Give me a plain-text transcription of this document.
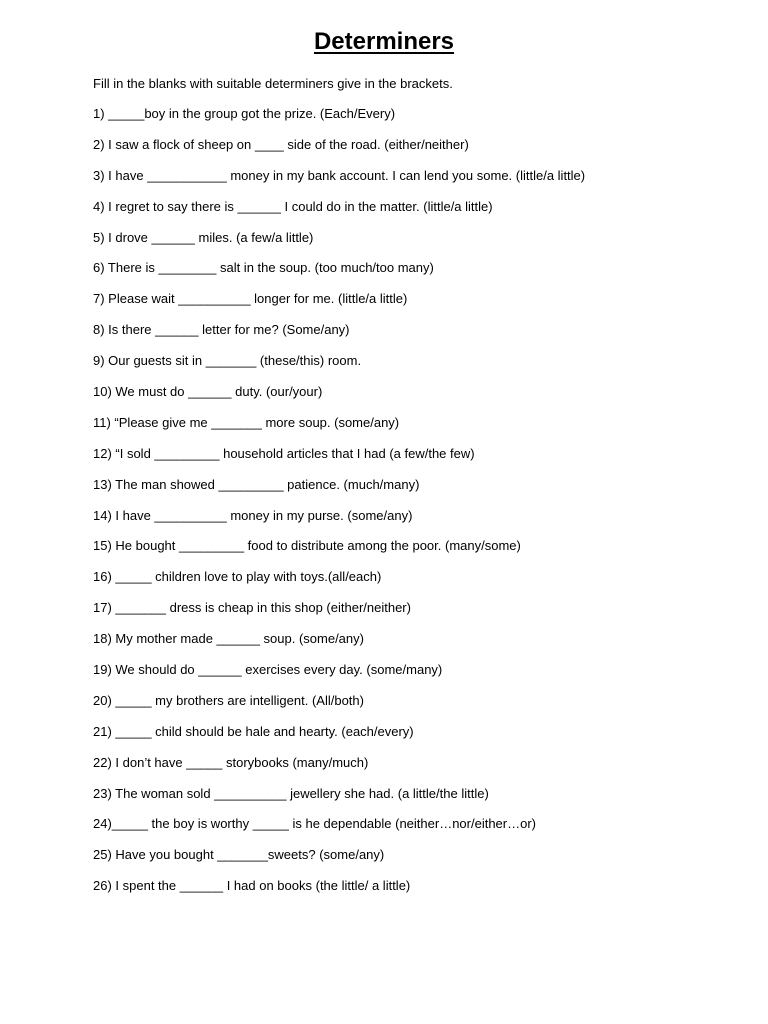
Determiners

Fill in the blanks with suitable determiners give in the brackets.

1) _____boy in the group got the prize. (Each/Every)
2) I saw a flock of sheep on ____ side of the road. (either/neither)
3) I have ___________ money in my bank account. I can lend you some. (little/a little)
4) I regret to say there is ______ I could do in the matter. (little/a little)
5) I drove ______ miles. (a few/a little)
6) There is ________ salt in the soup. (too much/too many)
7) Please wait __________ longer for me. (little/a little)
8) Is there ______ letter for me? (Some/any)
9) Our guests sit in _______ (these/this) room.
10) We must do ______ duty. (our/your)
11) “Please give me _______ more soup. (some/any)
12) “I sold _________ household articles that I had (a few/the few)
13) The man showed _________ patience. (much/many)
14) I have __________ money in my purse. (some/any)
15) He bought _________ food to distribute among the poor. (many/some)
16) _____ children love to play with toys.(all/each)
17) _______ dress is cheap in this shop (either/neither)
18) My mother made ______ soup. (some/any)
19) We should do ______ exercises every day. (some/many)
20) _____ my brothers are intelligent. (All/both)
21) _____ child should be hale and hearty. (each/every)
22) I don’t have _____ storybooks (many/much)
23) The woman sold __________ jewellery she had. (a little/the little)
24)_____ the boy is worthy _____ is he dependable (neither…nor/either…or)
25) Have you bought _______sweets? (some/any)
26) I spent the ______ I had on books (the little/ a little)
